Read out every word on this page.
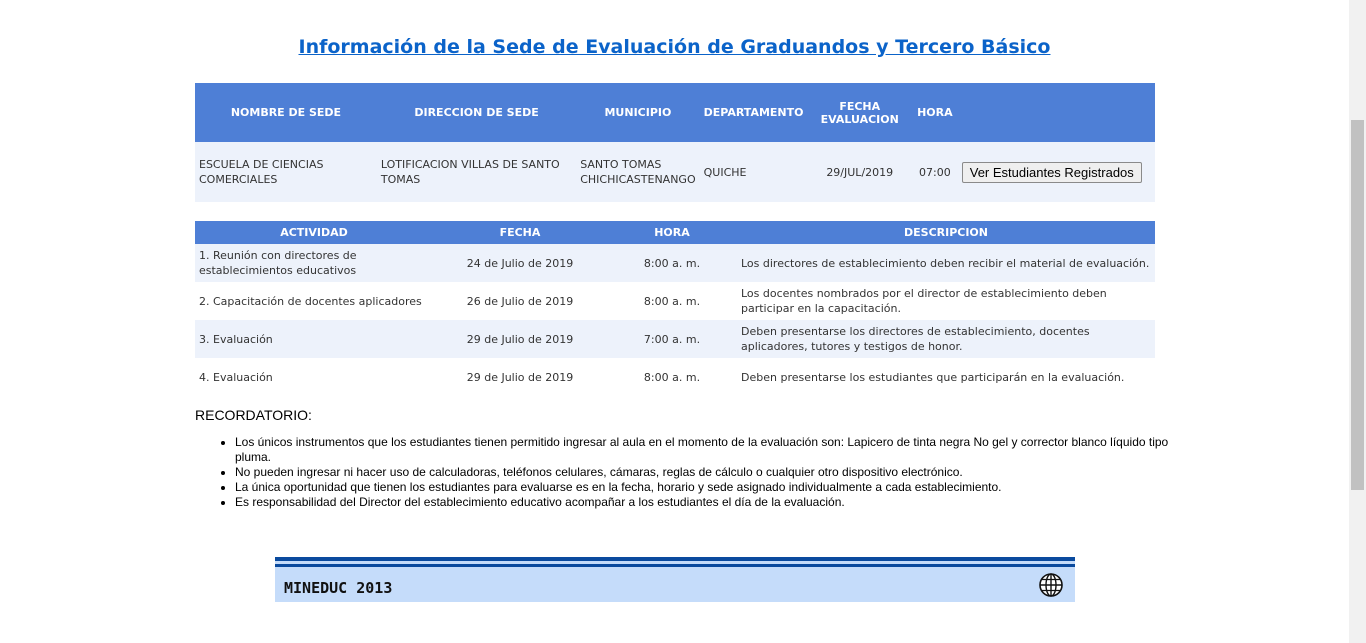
Información de la Sede de Evaluación de Graduandos y Tercero Básico
NOMBRE DE SEDE	DIRECCION DE SEDE	MUNICIPIO	DEPARTAMENTO	FECHA EVALUACION	HORA	
ESCUELA DE CIENCIAS COMERCIALES	LOTIFICACION VILLAS DE SANTO TOMAS	SANTO TOMAS CHICHICASTENANGO	QUICHE	29/JUL/2019	07:00	Ver Estudiantes Registrados
ACTIVIDAD	FECHA	HORA	DESCRIPCION
1. Reunión con directores de establecimientos educativos	24 de Julio de 2019	8:00 a. m.	Los directores de establecimiento deben recibir el material de evaluación.
2. Capacitación de docentes aplicadores	26 de Julio de 2019	8:00 a. m.	Los docentes nombrados por el director de establecimiento deben participar en la capacitación.
3. Evaluación	29 de Julio de 2019	7:00 a. m.	Deben presentarse los directores de establecimiento, docentes aplicadores, tutores y testigos de honor.
4. Evaluación	29 de Julio de 2019	8:00 a. m.	Deben presentarse los estudiantes que participarán en la evaluación.
RECORDATORIO:
• Los únicos instrumentos que los estudiantes tienen permitido ingresar al aula en el momento de la evaluación son: Lapicero de tinta negra No gel y corrector blanco líquido tipo pluma.
• No pueden ingresar ni hacer uso de calculadoras, teléfonos celulares, cámaras, reglas de cálculo o cualquier otro dispositivo electrónico.
• La única oportunidad que tienen los estudiantes para evaluarse es en la fecha, horario y sede asignado individualmente a cada establecimiento.
• Es responsabilidad del Director del establecimiento educativo acompañar a los estudiantes el día de la evaluación.
MINEDUC 2013
